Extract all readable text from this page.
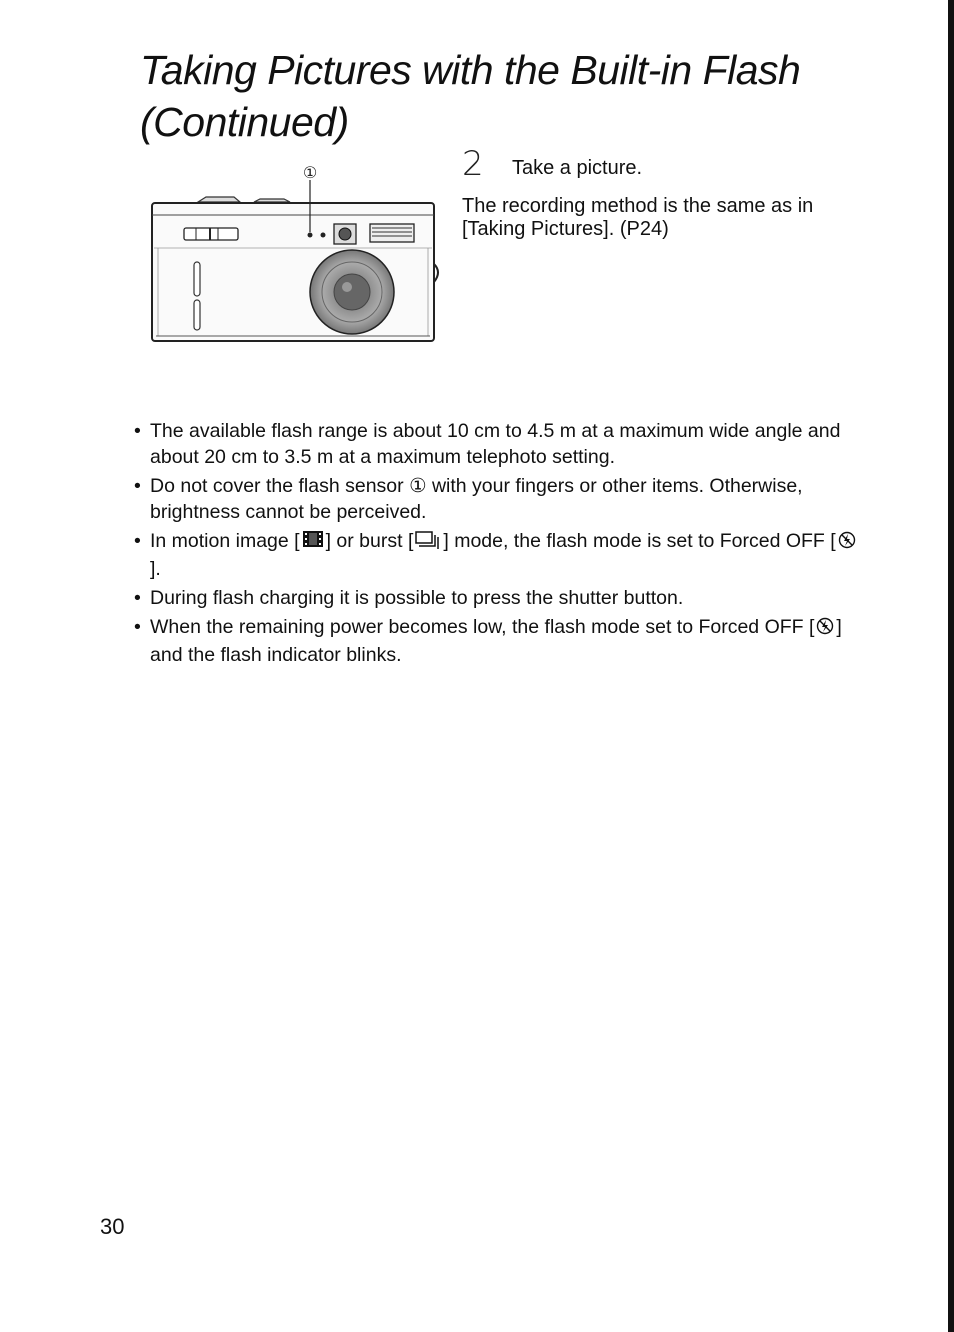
Taking Pictures with the Built-in Flash
(Continued)
①	2 Take a picture.

The recording method is the same as in [Taking Pictures]. (P24)

• The available flash range is about 10 cm to 4.5 m at a maximum wide angle and about 20 cm to 3.5 m at a maximum telephoto setting.
• Do not cover the flash sensor ① with your fingers or other items. Otherwise, brightness cannot be perceived.
• In motion image [ ] or burst [ ] mode, the flash mode is set to Forced OFF [].
• During flash charging it is possible to press the shutter button.
• When the remaining power becomes low, the flash mode set to Forced OFF [ ] and the flash indicator blinks.
30
